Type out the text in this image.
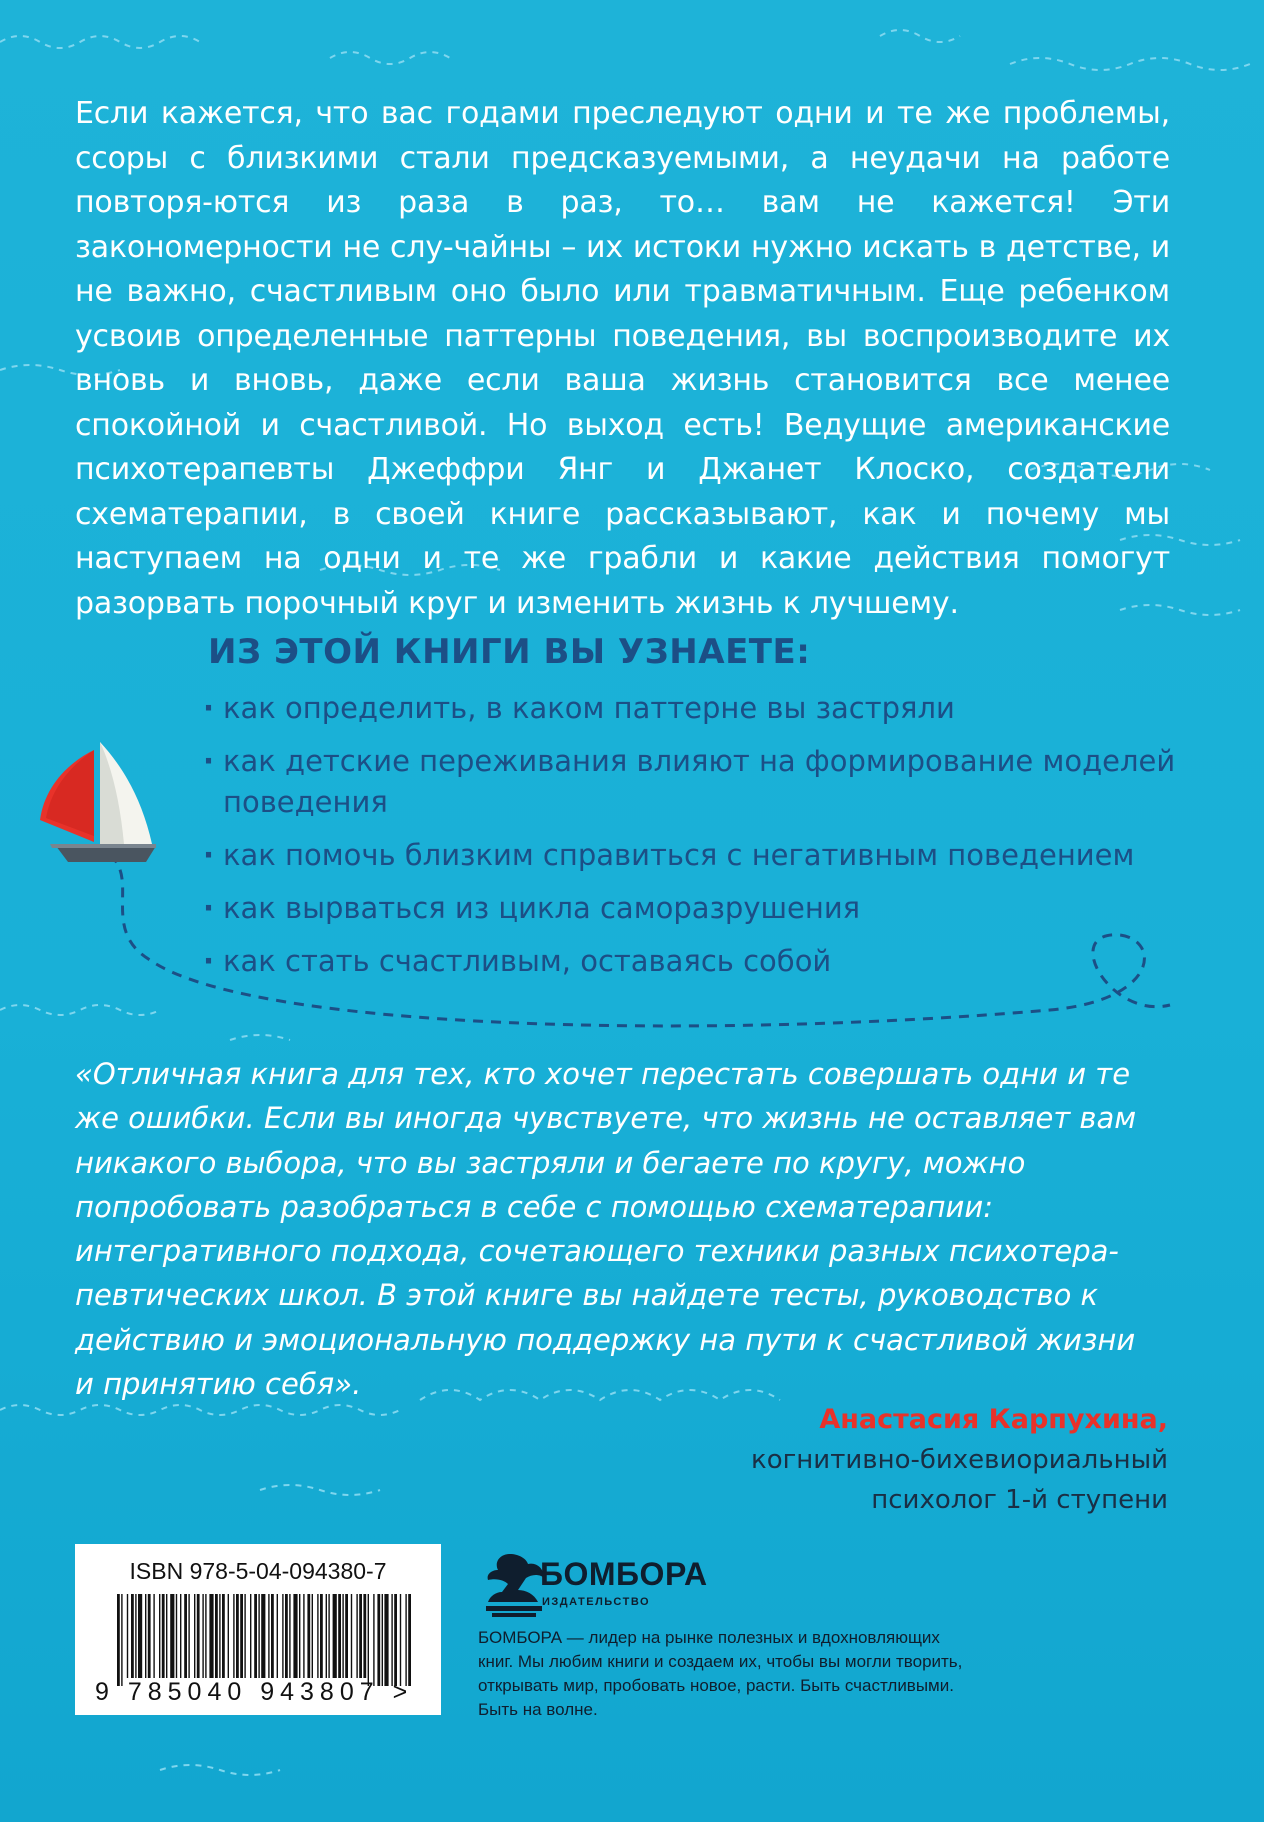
Если кажется, что вас годами преследуют одни и те же проблемы, ссоры с близкими стали предсказуемыми, а неудачи на работе повторя-ются из раза в раз, то… вам не кажется! Эти закономерности не слу-чайны – их истоки нужно искать в детстве, и не важно, счастливым оно было или травматичным. Еще ребенком усвоив определенные паттерны поведения, вы воспроизводите их вновь и вновь, даже если ваша жизнь становится все менее спокойной и счастливой. Но выход есть! Ведущие американские психотерапевты Джеффри Янг и Джанет Клоско, создатели схематерапии, в своей книге рассказывают, как и почему мы наступаем на одни и те же грабли и какие действия помогут разорвать порочный круг и изменить жизнь к лучшему.

ИЗ ЭТОЙ КНИГИ ВЫ УЗНАЕТЕ:
· как определить, в каком паттерне вы застряли
· как детские переживания влияют на формирование моделей поведения
· как помочь близким справиться с негативным поведением
· как вырваться из цикла саморазрушения
· как стать счастливым, оставаясь собой

«Отличная книга для тех, кто хочет перестать совершать одни и те же ошибки. Если вы иногда чувствуете, что жизнь не оставляет вам никакого выбора, что вы застряли и бегаете по кругу, можно попробовать разобраться в себе с помощью схематерапии: интегративного подхода, сочетающего техники разных психотера-певтических школ. В этой книге вы найдете тесты, руководство к действию и эмоциональную поддержку на пути к счастливой жизни и принятию себя».

Анастасия Карпухина,
когнитивно-бихевиориальный
психолог 1-й ступени
ISBN 978-5-04-094380-7
9 785040 943807 >
БОМБОРА
ИЗДАТЕЛЬСТВО

БОМБОРА — лидер на рынке полезных и вдохновляющих книг. Мы любим книги и создаем их, чтобы вы могли творить, открывать мир, пробовать новое, расти. Быть счастливыми. Быть на волне.
